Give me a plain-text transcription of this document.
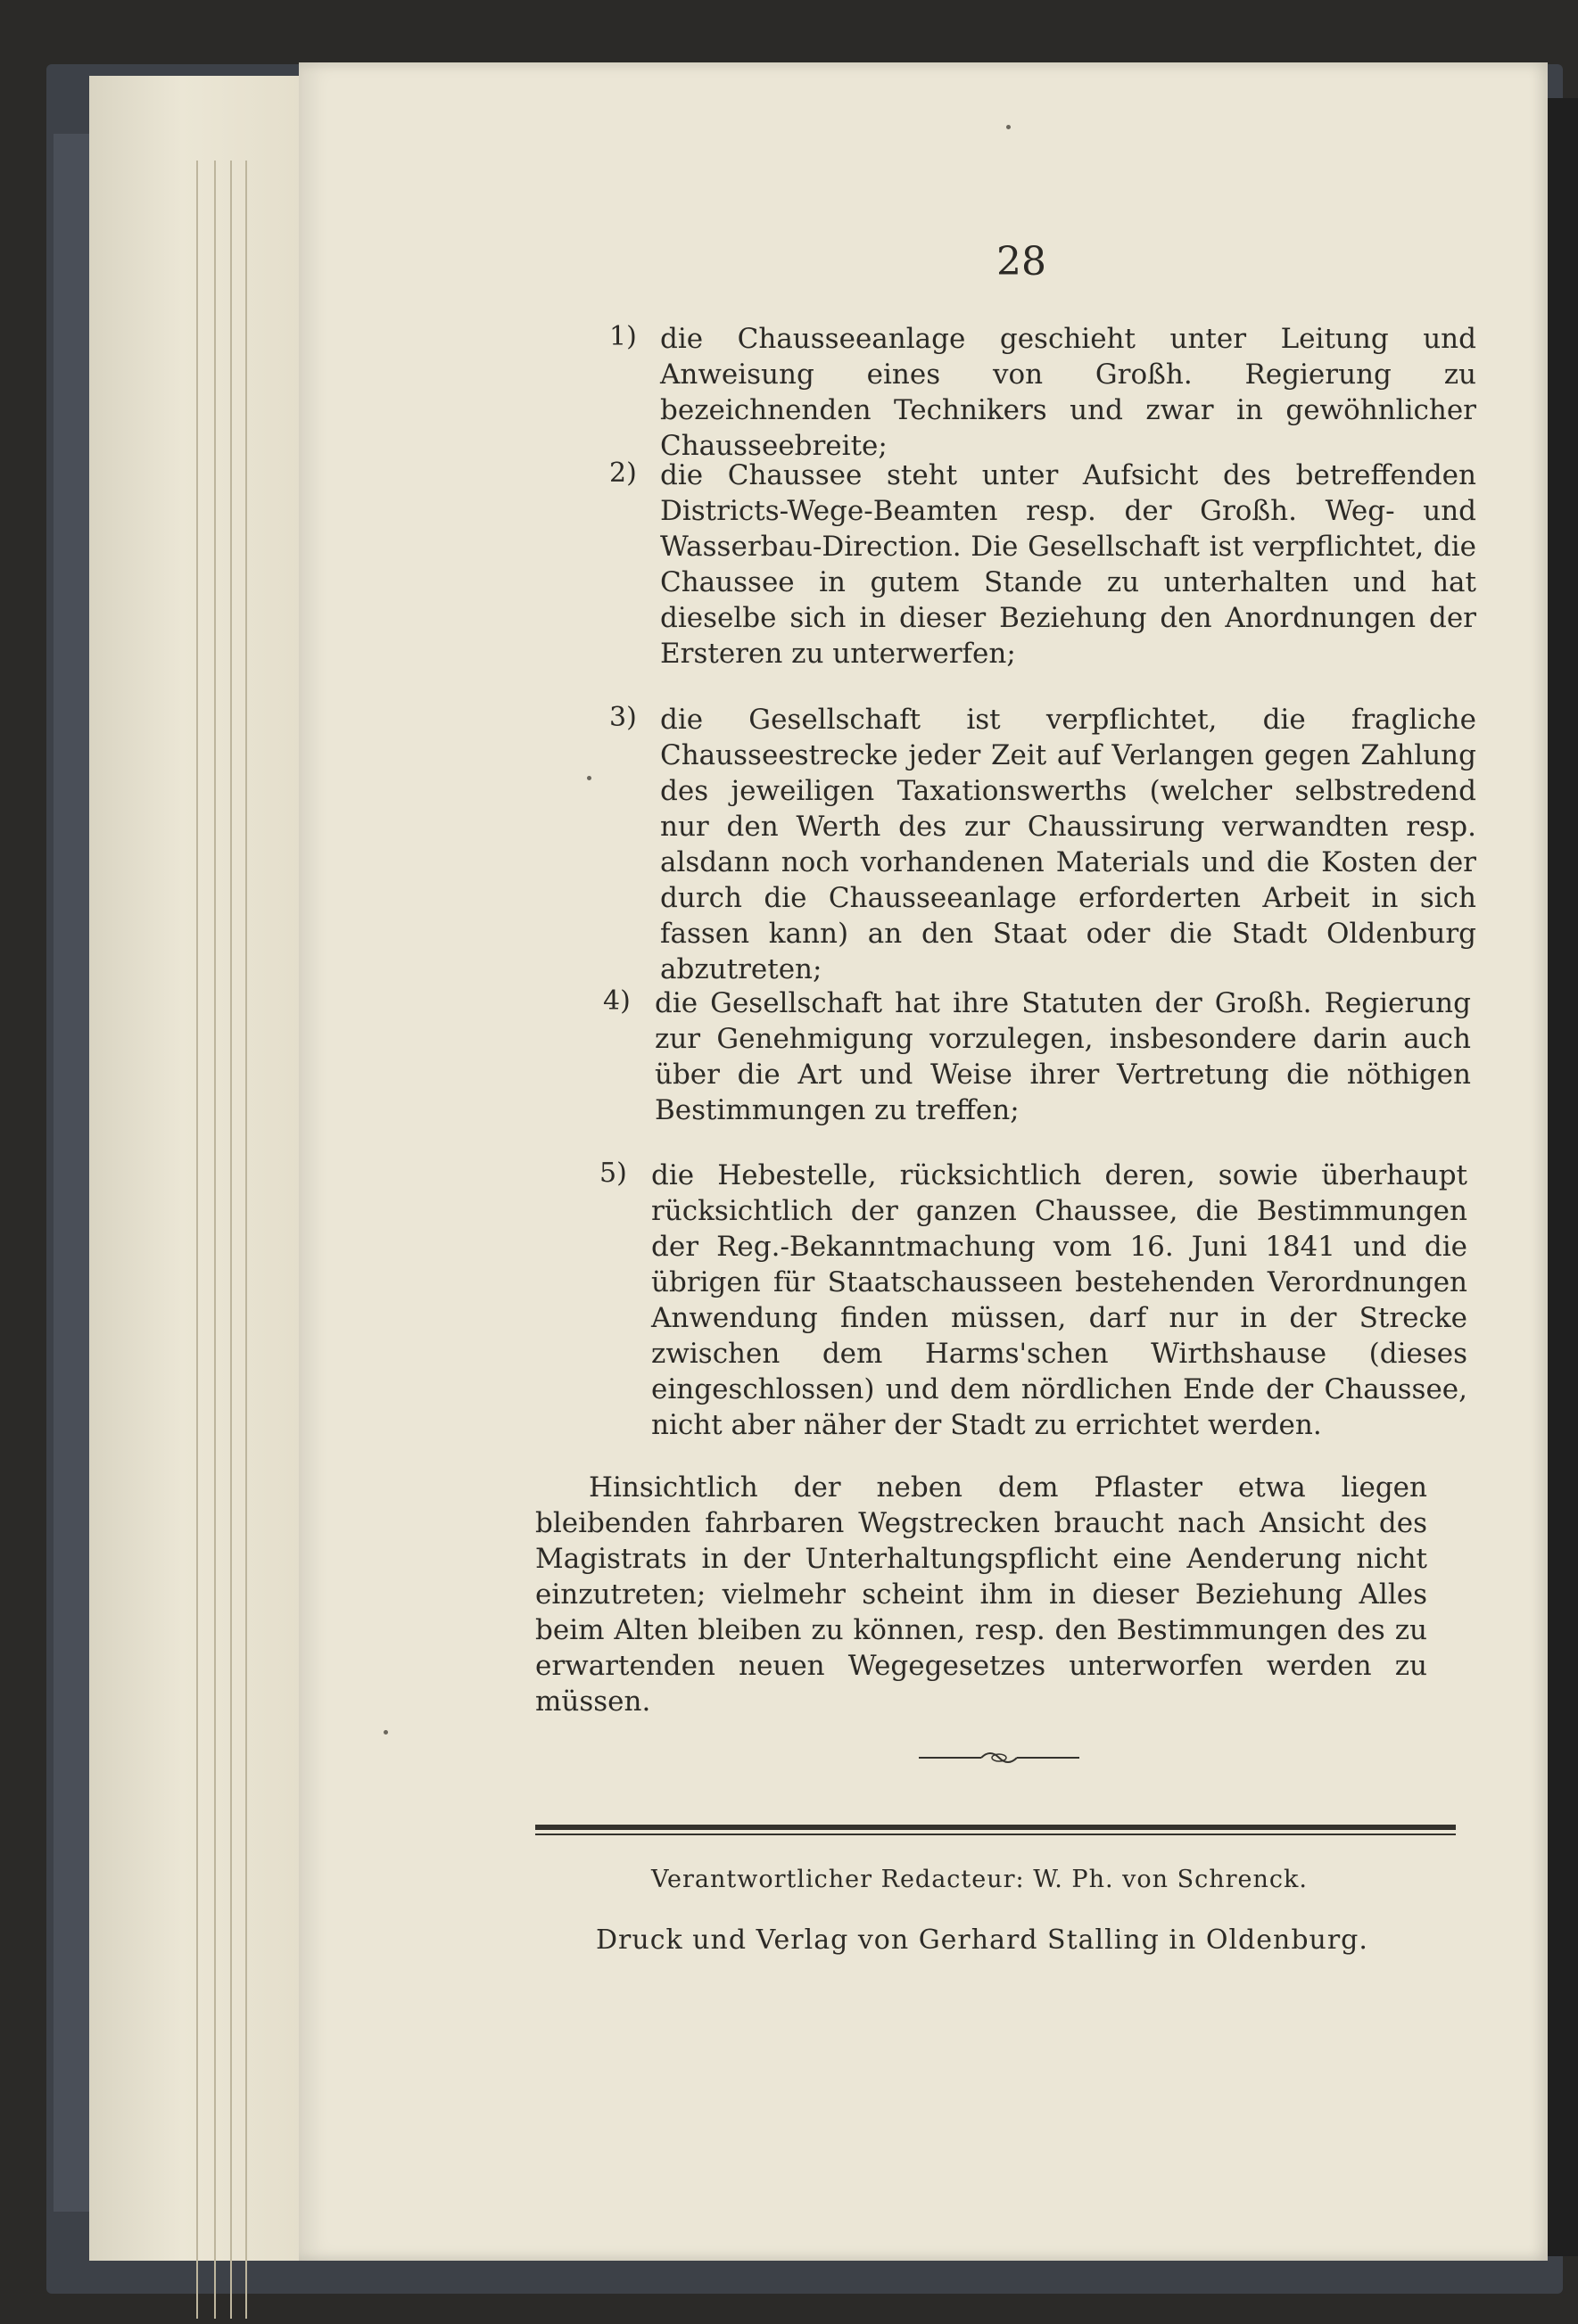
28
1) die Chausseeanlage geschieht unter Leitung und Anweisung eines von Großh. Regierung zu bezeichnenden Technikers und zwar in gewöhnlicher Chausseebreite;
2) die Chaussee steht unter Aufsicht des betreffenden Districts-Wege-Beamten resp. der Großh. Weg- und Wasserbau-Direction. Die Gesellschaft ist verpflichtet, die Chaussee in gutem Stande zu unterhalten und hat dieselbe sich in dieser Beziehung den Anordnungen der Ersteren zu unterwerfen;
3) die Gesellschaft ist verpflichtet, die fragliche Chausseestrecke jeder Zeit auf Verlangen gegen Zahlung des jeweiligen Taxationswerths (welcher selbstredend nur den Werth des zur Chaussirung verwandten resp. alsdann noch vorhandenen Materials und die Kosten der durch die Chausseeanlage erforderten Arbeit in sich fassen kann) an den Staat oder die Stadt Oldenburg abzutreten;
4) die Gesellschaft hat ihre Statuten der Großh. Regierung zur Genehmigung vorzulegen, insbesondere darin auch über die Art und Weise ihrer Vertretung die nöthigen Bestimmungen zu treffen;
5) die Hebestelle, rücksichtlich deren, sowie überhaupt rücksichtlich der ganzen Chaussee, die Bestimmungen der Reg.-Bekanntmachung vom 16. Juni 1841 und die übrigen für Staatschausseen bestehenden Verordnungen Anwendung finden müssen, darf nur in der Strecke zwischen dem Harms'schen Wirthshause (dieses eingeschlossen) und dem nördlichen Ende der Chaussee, nicht aber näher der Stadt zu errichtet werden.
Hinsichtlich der neben dem Pflaster etwa liegen bleibenden fahrbaren Wegstrecken braucht nach Ansicht des Magistrats in der Unterhaltungspflicht eine Aenderung nicht einzutreten; vielmehr scheint ihm in dieser Beziehung Alles beim Alten bleiben zu können, resp. den Bestimmungen des zu erwartenden neuen Wegegesetzes unterworfen werden zu müssen.
Verantwortlicher Redacteur: W. Ph. von Schrenck.
Druck und Verlag von Gerhard Stalling in Oldenburg.
